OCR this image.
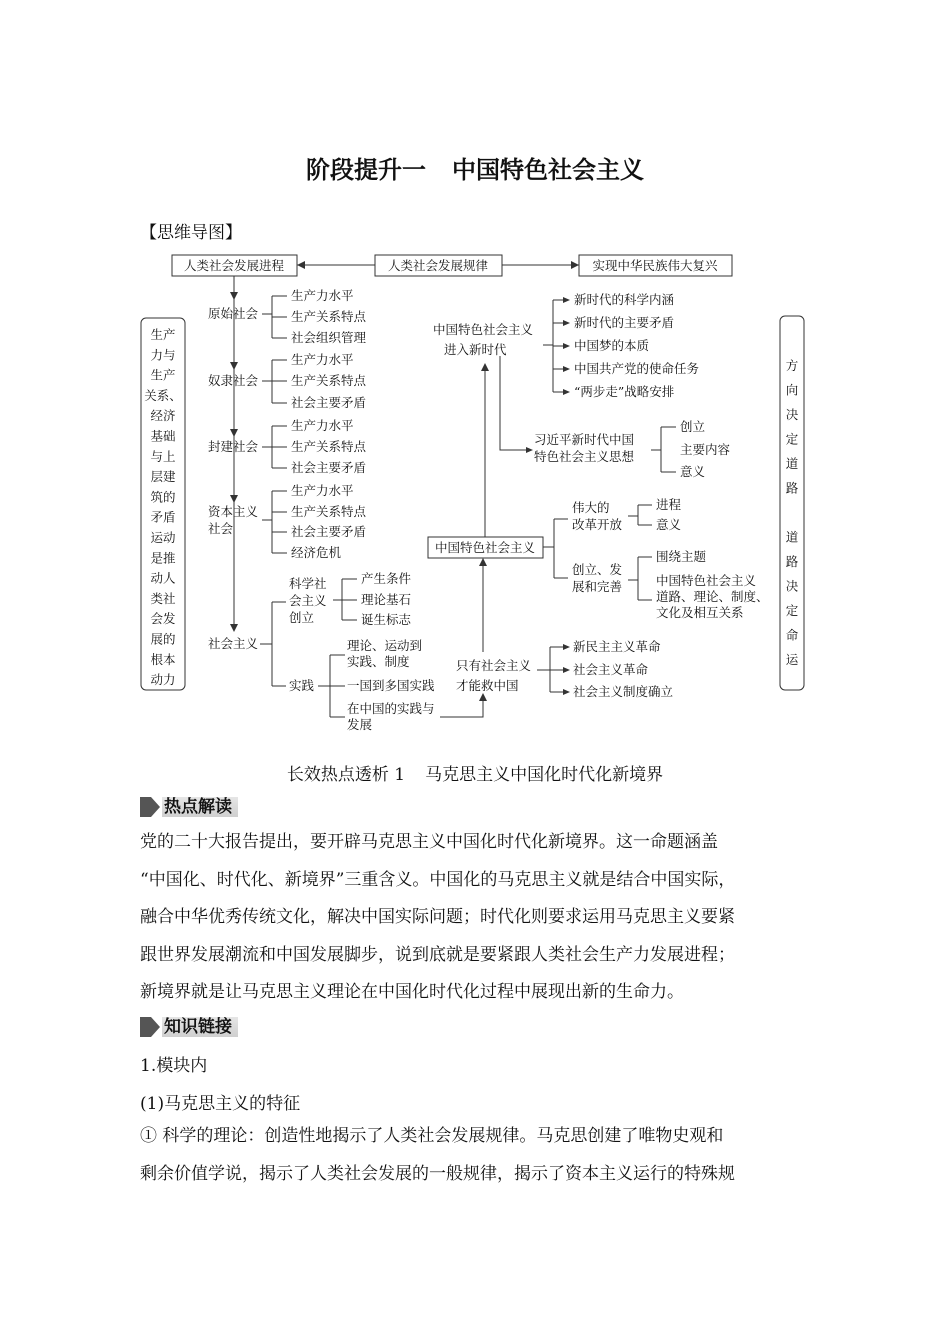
阶段提升一 中国特色社会主义
【思维导图】
人类社会发展进程	人类社会发展规律	实现中华民族伟大复兴
生产
力与
生产
关系、
经济
基础
与上
层建
筑的
矛盾
运动
是推
动人
类社
会发
展的
根本
动力
方
向
决
定
道
路
道
路
决
定
命
运
原始社会
生产力水平
生产关系特点
社会组织管理
奴隶社会
生产力水平
生产关系特点
社会主要矛盾
封建社会
生产力水平
生产关系特点
社会主要矛盾
资本主义
社会
生产力水平
生产关系特点
社会主要矛盾
经济危机
社会主义
科学社
会主义
创立
产生条件
理论基石
诞生标志
实践
理论、运动到
实践、制度
一国到多国实践
在中国的实践与
发展
只有社会主义
才能救中国
新民主主义革命
社会主义革命
社会主义制度确立
中国特色社会主义
伟大的
改革开放
进程
意义
创立、发
展和完善
围绕主题
中国特色社会主义
道路、理论、制度、
文化及相互关系
中国特色社会主义
进入新时代
新时代的科学内涵
新时代的主要矛盾
中国梦的本质
中国共产党的使命任务
“两步走”战略安排
习近平新时代中国
特色社会主义思想
创立
主要内容
意义
长效热点透析 1 马克思主义中国化时代化新境界
热点解读

党的二十大报告提出，要开辟马克思主义中国化时代化新境界。这一命题涵盖

“中国化、时代化、新境界”三重含义。中国化的马克思主义就是结合中国实际，

融合中华优秀传统文化，解决中国实际问题；时代化则要求运用马克思主义要紧

跟世界发展潮流和中国发展脚步，说到底就是要紧跟人类社会生产力发展进程；

新境界就是让马克思主义理论在中国化时代化过程中展现出新的生命力。

知识链接
1.模块内
(1)马克思主义的特征

① 科学的理论：创造性地揭示了人类社会发展规律。马克思创建了唯物史观和

剩余价值学说，揭示了人类社会发展的一般规律，揭示了资本主义运行的特殊规
